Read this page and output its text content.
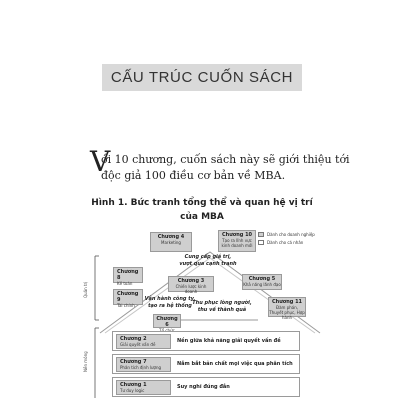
CẤU TRÚC CUỐN SÁCH
V
ới 10 chương, cuốn sách này sẽ giới thiệu tới
độc giả 100 điều cơ bản về MBA.
Hình 1. Bức tranh tổng thể và quan hệ vị trí
của MBA
Quản trị
Nền móng
Dành cho doanh nghiệp
Dành cho cá nhân
Chương 4
Marketing
Chương 10
Tạo ra lĩnh vực kinh doanh mới
Cung cấp giá trị,
vượt qua cạnh tranh
Chương 8
Kế toán
Chương 9
Tài chính
Chương 3
Chiến lược kinh doanh
Chương 5
Khả năng lãnh đạo
Vận hành công ty,
tạo ra hệ thống Thu phục lòng người,
thu về thành quả
Chương 6
Chương 11
Đàm phán, Thuyết phục, Hợp hành
Chương 2
Giải quyết vấn đề
Nền giữa khả năng giải quyết vấn đề
Chương 7
Phân tích định lượng
Nắm bắt bản chất mọi việc qua phân tích
Chương 1
Tư duy logic
Suy nghĩ đúng đắn
